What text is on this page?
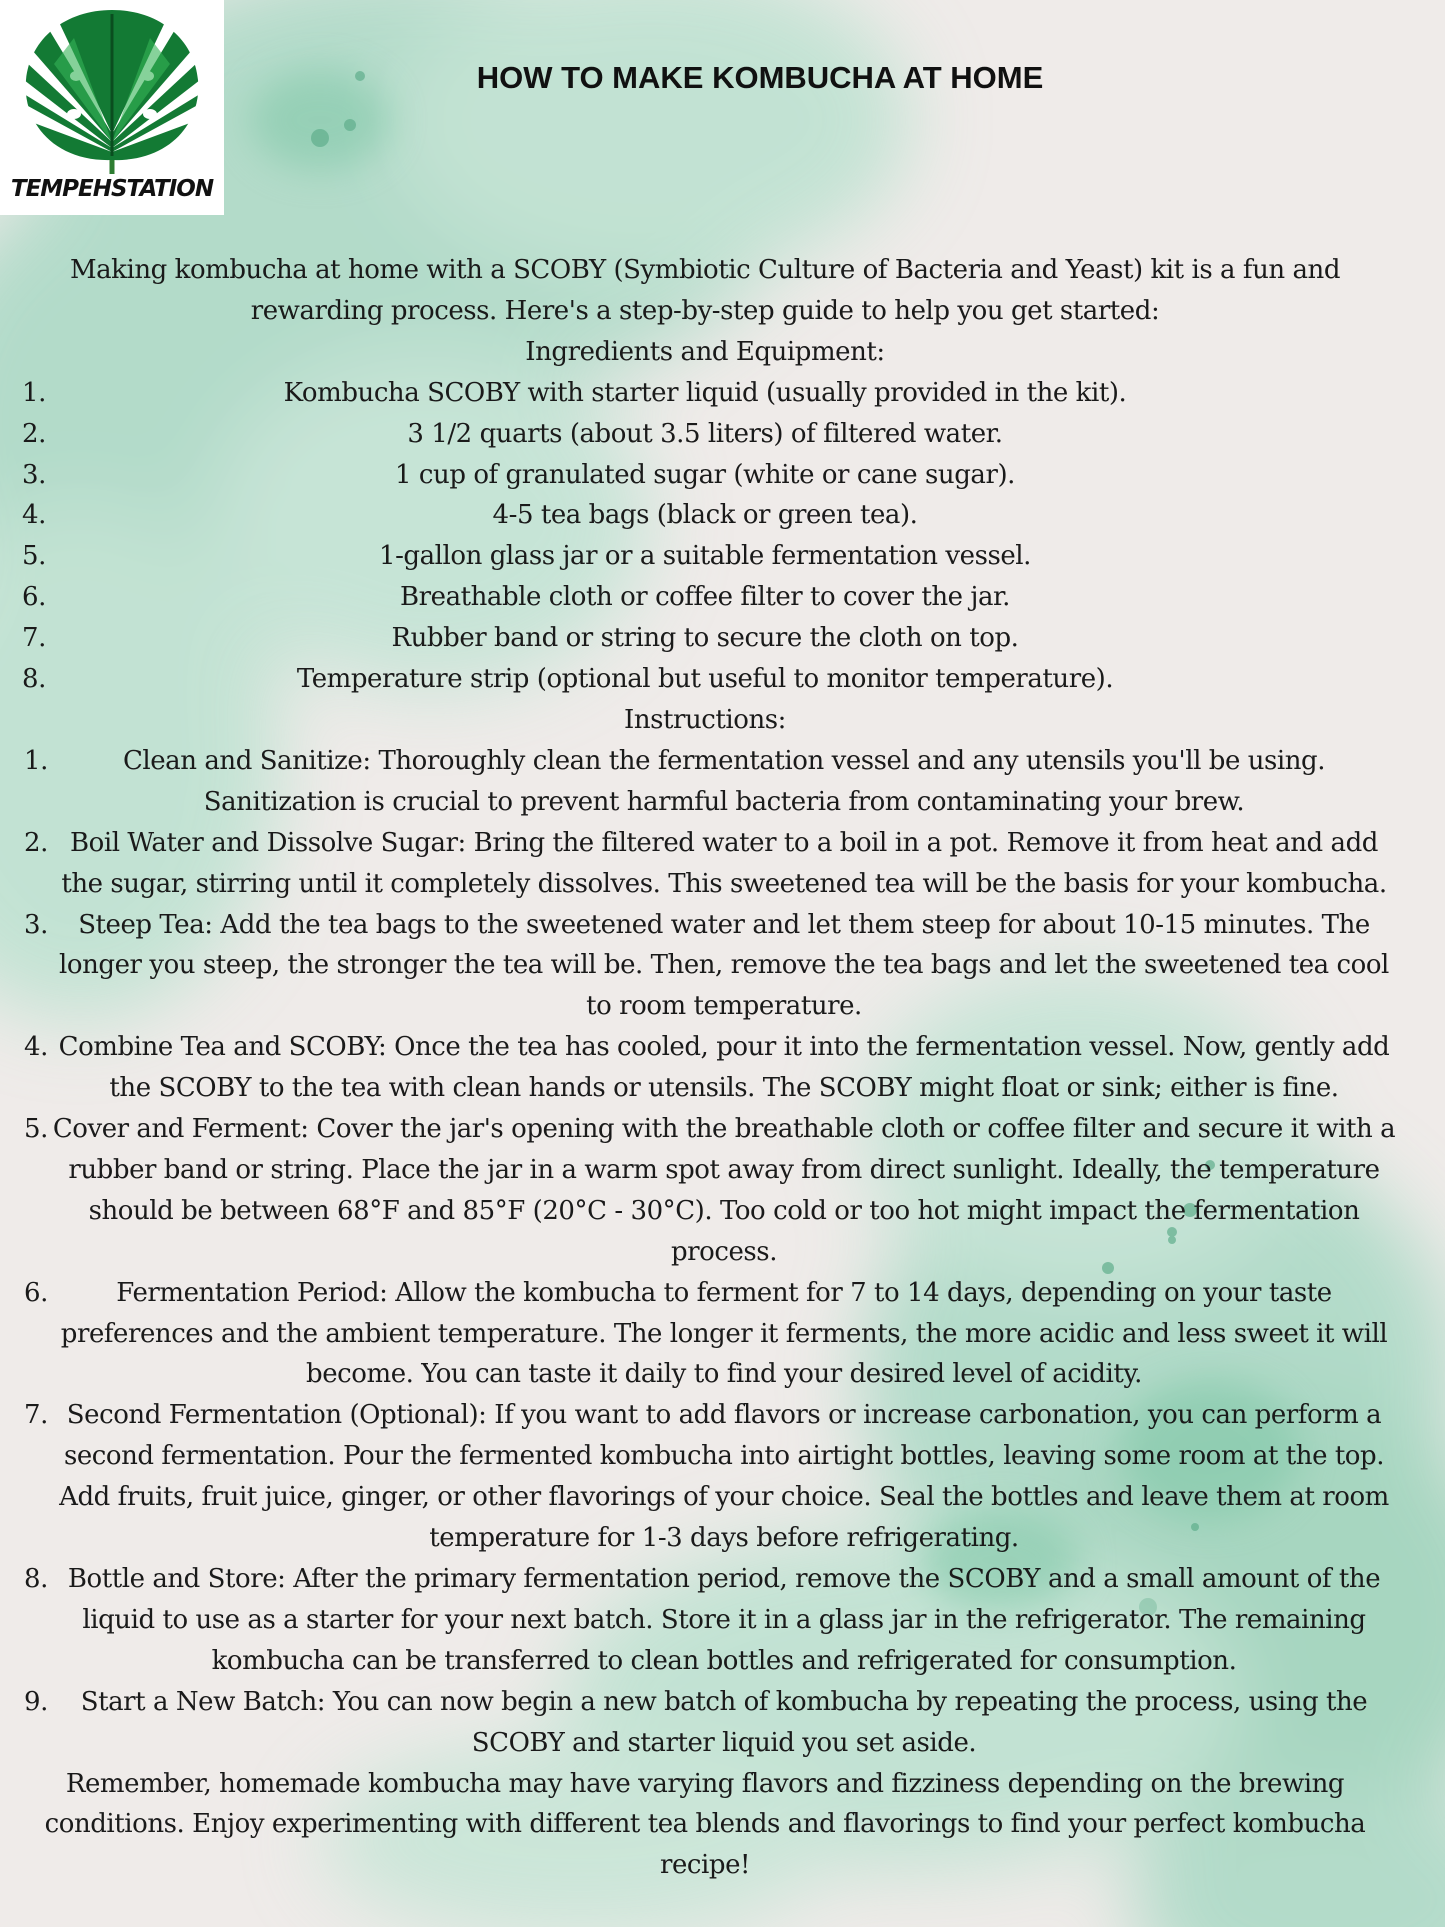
TEMPEHSTATION
HOW TO MAKE KOMBUCHA AT HOME

Making kombucha at home with a SCOBY (Symbiotic Culture of Bacteria and Yeast) kit is a fun and rewarding process. Here's a step-by-step guide to help you get started:

Ingredients and Equipment:

1.	Kombucha SCOBY with starter liquid (usually provided in the kit).
2.	3 1/2 quarts (about 3.5 liters) of filtered water.
3.	1 cup of granulated sugar (white or cane sugar).
4.	4-5 tea bags (black or green tea).
5.	1-gallon glass jar or a suitable fermentation vessel.
6.	Breathable cloth or coffee filter to cover the jar.
7.	Rubber band or string to secure the cloth on top.
8.	Temperature strip (optional but useful to monitor temperature).

Instructions:

1.	Clean and Sanitize: Thoroughly clean the fermentation vessel and any utensils you'll be using. Sanitization is crucial to prevent harmful bacteria from contaminating your brew.

2. Boil Water and Dissolve Sugar: Bring the filtered water to a boil in a pot. Remove it from heat and add the sugar, stirring until it completely dissolves. This sweetened tea will be the basis for your kombucha.

3. Steep Tea: Add the tea bags to the sweetened water and let them steep for about 10-15 minutes. The longer you steep, the stronger the tea will be. Then, remove the tea bags and let the sweetened tea cool to room temperature.

4. Combine Tea and SCOBY: Once the tea has cooled, pour it into the fermentation vessel. Now, gently add the SCOBY to the tea with clean hands or utensils. The SCOBY might float or sink; either is fine.

5. Cover and Ferment: Cover the jar's opening with the breathable cloth or coffee filter and secure it with a rubber band or string. Place the jar in a warm spot away from direct sunlight. Ideally, the temperature should be between 68°F and 85°F (20°C - 30°C). Too cold or too hot might impact the fermentation process.

6.	Fermentation Period: Allow the kombucha to ferment for 7 to 14 days, depending on your taste preferences and the ambient temperature. The longer it ferments, the more acidic and less sweet it will become. You can taste it daily to find your desired level of acidity.

7. Second Fermentation (Optional): If you want to add flavors or increase carbonation, you can perform a second fermentation. Pour the fermented kombucha into airtight bottles, leaving some room at the top. Add fruits, fruit juice, ginger, or other flavorings of your choice. Seal the bottles and leave them at room temperature for 1-3 days before refrigerating.

8. Bottle and Store: After the primary fermentation period, remove the SCOBY and a small amount of the liquid to use as a starter for your next batch. Store it in a glass jar in the refrigerator. The remaining kombucha can be transferred to clean bottles and refrigerated for consumption.

9. Start a New Batch: You can now begin a new batch of kombucha by repeating the process, using the SCOBY and starter liquid you set aside.

Remember, homemade kombucha may have varying flavors and fizziness depending on the brewing conditions. Enjoy experimenting with different tea blends and flavorings to find your perfect kombucha recipe!
